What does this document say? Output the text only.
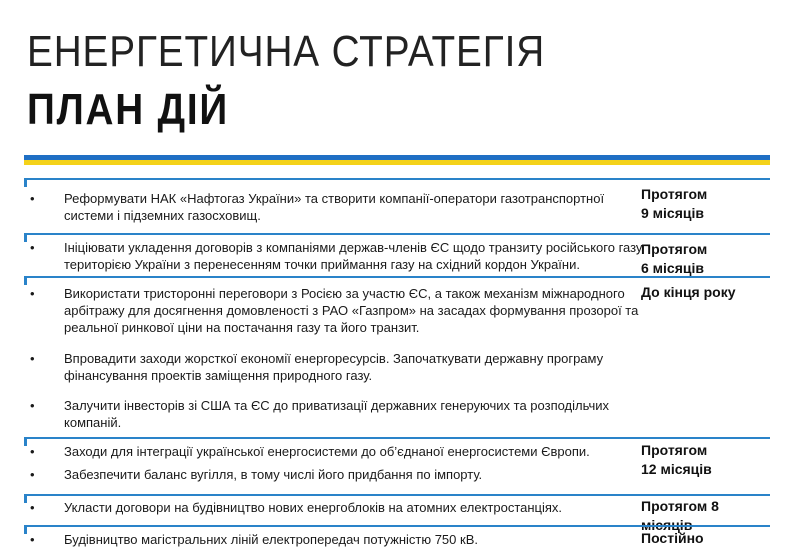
ЕНЕРГЕТИЧНА СТРАТЕГІЯ
ПЛАН ДІЙ
• Реформувати НАК «Нафтогаз України» та створити компанії-оператори газотранспортної системи і підземних газосховищ.
Протягом
9 місяців
• Ініціювати укладення договорів з компаніями держав-членів ЄС щодо транзиту російського газу територією України з перенесенням точки приймання газу на східний кордон України.
Протягом
6 місяців
• Використати тристоронні переговори з Росією за участю ЄС, а також механізм міжнародного арбітражу для досягнення домовленості з РАО «Газпром» на засадах формування прозорої та реальної ринкової ціни на постачання газу та його транзит.
• Впровадити заходи жорсткої економії енергоресурсів. Започаткувати державну програму фінансування проектів заміщення природного газу.
• Залучити інвесторів зі США та ЄС до приватизації державних генеруючих та розподільчих компаній.
До кінця року
• Заходи для інтеграції української енергосистеми до об’єднаної енергосистеми Європи.
• Забезпечити баланс вугілля, в тому числі його придбання по імпорту.
Протягом
12 місяців
• Укласти договори на будівництво нових енергоблоків на атомних електростанціях.	Протягом 8 місяців
• Будівництво магістральних ліній електропередач потужністю 750 кВ.	Постійно
